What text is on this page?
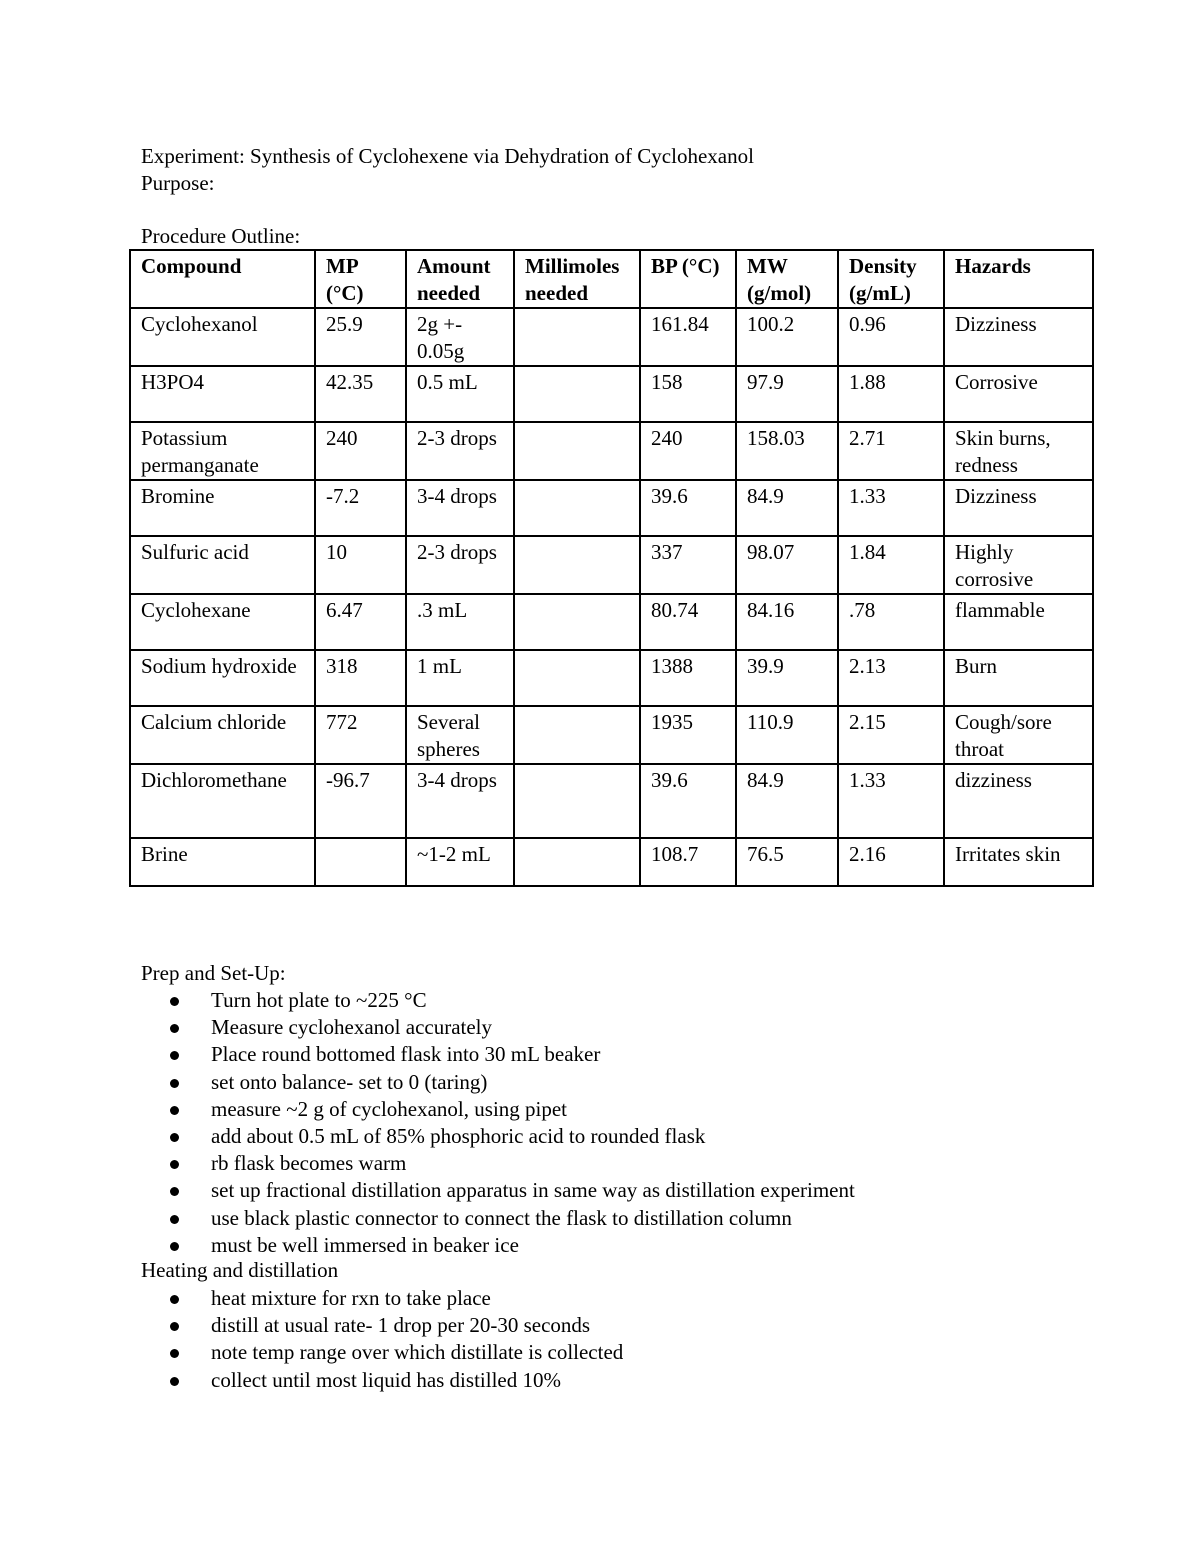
Experiment: Synthesis of Cyclohexene via Dehydration of Cyclohexanol
Purpose:
Procedure Outline:
Compound	MP (°C)	Amount needed	Millimoles needed	BP (°C)	MW (g/mol)	Density (g/mL)	Hazards
Cyclohexanol	25.9	2g +- 0.05g		161.84	100.2	0.96	Dizziness
H3PO4	42.35	0.5 mL		158	97.9	1.88	Corrosive
Potassium permanganate	240	2-3 drops		240	158.03	2.71	Skin burns, redness
Bromine	-7.2	3-4 drops		39.6	84.9	1.33	Dizziness
Sulfuric acid	10	2-3 drops		337	98.07	1.84	Highly corrosive
Cyclohexane	6.47	.3 mL		80.74	84.16	.78	flammable
Sodium hydroxide	318	1 mL		1388	39.9	2.13	Burn
Calcium chloride	772	Several spheres		1935	110.9	2.15	Cough/sore throat
Dichloromethane	-96.7	3-4 drops		39.6	84.9	1.33	dizziness
Brine		~1-2 mL		108.7	76.5	2.16	Irritates skin
Prep and Set-Up:
Turn hot plate to ~225 °C
Measure cyclohexanol accurately
Place round bottomed flask into 30 mL beaker
set onto balance- set to 0 (taring)
measure ~2 g of cyclohexanol, using pipet
add about 0.5 mL of 85% phosphoric acid to rounded flask
rb flask becomes warm
set up fractional distillation apparatus in same way as distillation experiment
use black plastic connector to connect the flask to distillation column
must be well immersed in beaker ice
Heating and distillation
heat mixture for rxn to take place
distill at usual rate- 1 drop per 20-30 seconds
note temp range over which distillate is collected
collect until most liquid has distilled 10%
